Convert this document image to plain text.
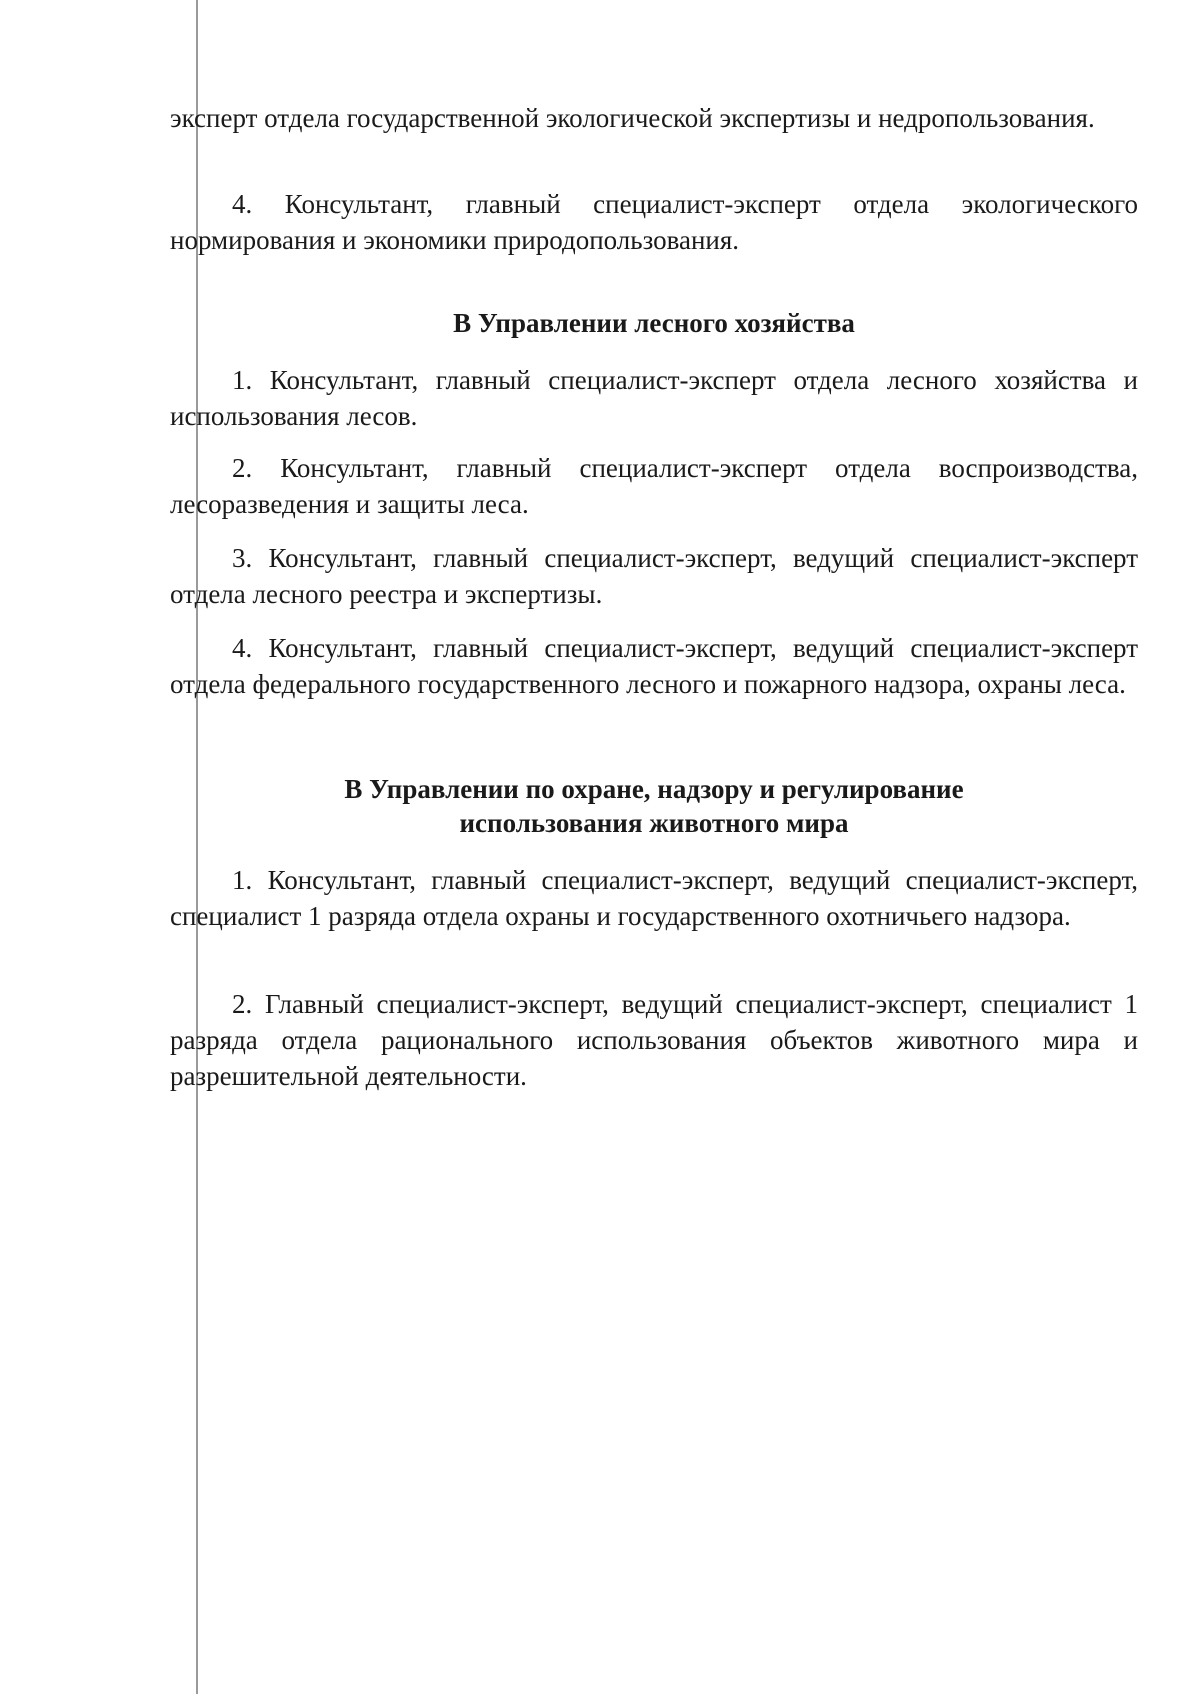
эксперт отдела государственной экологической экспертизы и недропользования.

4. Консультант, главный специалист-эксперт отдела экологического нормирования и экономики природопользования.

В Управлении лесного хозяйства

1. Консультант, главный специалист-эксперт отдела лесного хозяйства и использования лесов.

2. Консультант, главный специалист-эксперт отдела воспроизводства, лесоразведения и защиты леса.

3. Консультант, главный специалист-эксперт, ведущий специалист-эксперт отдела лесного реестра и экспертизы.

4. Консультант, главный специалист-эксперт, ведущий специалист-эксперт отдела федерального государственного лесного и пожарного надзора, охраны леса.

В Управлении по охране, надзору и регулирование
использования животного мира

1. Консультант, главный специалист-эксперт, ведущий специалист-эксперт, специалист 1 разряда отдела охраны и государственного охотничьего надзора.

2. Главный специалист-эксперт, ведущий специалист-эксперт, специалист 1 разряда отдела рационального использования объектов животного мира и разрешительной деятельности.
